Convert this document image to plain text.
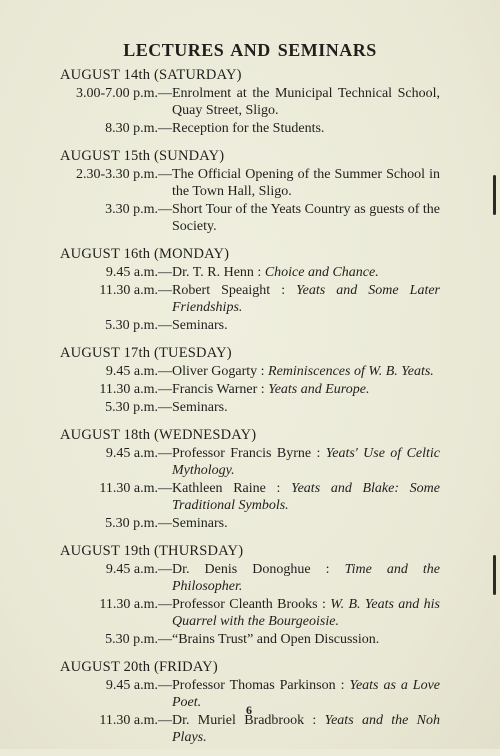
LECTURES AND SEMINARS
AUGUST 14th (SATURDAY)
3.00-7.00 p.m.— Enrolment at the Municipal Technical School, Quay Street, Sligo.
8.30 p.m.— Reception for the Students.
AUGUST 15th (SUNDAY)
2.30-3.30 p.m.— The Official Opening of the Summer School in the Town Hall, Sligo.
3.30 p.m.— Short Tour of the Yeats Country as guests of the Society.
AUGUST 16th (MONDAY)
9.45 a.m.— Dr. T. R. Henn : Choice and Chance.
11.30 a.m.— Robert Speaight : Yeats and Some Later Friendships.
5.30 p.m.— Seminars.
AUGUST 17th (TUESDAY)
9.45 a.m.— Oliver Gogarty : Reminiscences of W. B. Yeats.
11.30 a.m.— Francis Warner : Yeats and Europe.
5.30 p.m.— Seminars.
AUGUST 18th (WEDNESDAY)
9.45 a.m.— Professor Francis Byrne : Yeats' Use of Celtic Mythology.
11.30 a.m.— Kathleen Raine : Yeats and Blake: Some Traditional Symbols.
5.30 p.m.— Seminars.
AUGUST 19th (THURSDAY)
9.45 a.m.— Dr. Denis Donoghue : Time and the Philosopher.
11.30 a.m.— Professor Cleanth Brooks : W. B. Yeats and his Quarrel with the Bourgeoisie.
5.30 p.m.— “Brains Trust” and Open Discussion.
AUGUST 20th (FRIDAY)
9.45 a.m.— Professor Thomas Parkinson : Yeats as a Love Poet.
11.30 a.m.— Dr. Muriel Bradbrook : Yeats and the Noh Plays.
6
